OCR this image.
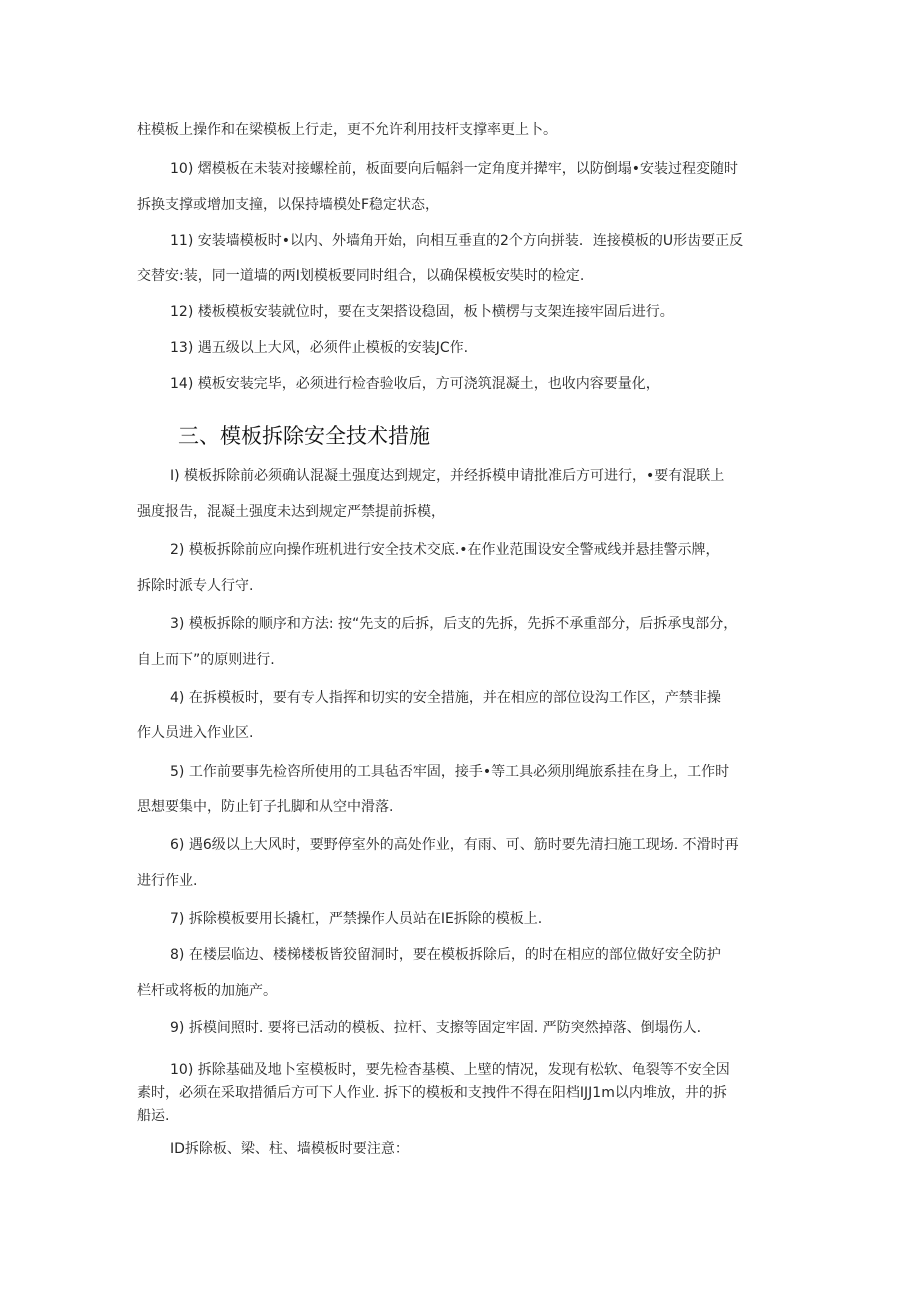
柱模板上操作和在梁模板上行走，更不允许利用技杆支撑率更上卜。
10) 熠模板在未装对接螺栓前，板面要向后幅斜一定角度并撵牢，以防倒塌•安装过程変随时
拆换支撑或增加支撞，以保持墙模处F稳定状态，
11) 安装墙模板时•以内、外墙角开始，向相互垂直的2个方向拼装．连接模板的U形齿要正反
交替安:装，同一道墙的两Ⅰ划模板要同时组合，以确保模板安奘时的检定.
12) 楼板模板安装就位时，要在支架搭设稳固，板卜横楞与支架连接牢固后进行。
13) 遇五级以上大风，必须件止模板的安装JC作.
14) 模板安装完毕，必须进行检杳验收后，方可浇筑混凝土，也收内容要量化，
三、模板拆除安全技术措施
I) 模板拆除前必须确认混凝土强度达到规定，并经拆模申请批准后方可进行，•要有混联上
强度报告，混凝土强度未达到规定严禁提前拆模，
2) 模板拆除前应向操作班机进行安全技术交底.•在作业范围设安全警戒线并悬挂警示牌，
拆除时派专人行守.
3) 模板拆除的顺序和方法: 按“先支的后拆，后支的先拆，先拆不承重部分，后拆承曳部分，
自上而下”的原则进行.
4) 在拆模板时，要有专人指挥和切实的安全措施，并在相应的部位设沟工作区，产禁非操
作人员进入作业区.
5) 工作前要事先检咨所使用的工具毡否牢固，接手•等工具必须刖绳旅系挂在身上，工作时
思想要集中，防止钉子扎脚和从空中滑落.
6) 遇6级以上大风时，要野停室外的高处作业，有雨、可、筋时要先清扫施工现场. 不滑时再
进行作业.
7) 拆除模板要用长撬杠，严禁操作人员站在IE拆除的模板上.
8) 在楼层临边、楼梯楼板皆狡留洞时，要在模板拆除后，的时在相应的部位做好安全防护
栏杆或将板的加施产。
9) 拆模间照时. 要将已活动的模板、拉杆、支擦等固定牢固. 严防突然掉落、倒塌伤人.
10) 拆除基础及地卜室模板时，要先检杳基模、上壁的情况，发现有松软、龟裂等不安全因
素时，必须在采取措循后方可下人作业. 拆下的模板和支拽件不得在阳档IJJ1m以内堆放，井的拆
船运.
ID拆除板、梁、柱、墙模板时要注意：
